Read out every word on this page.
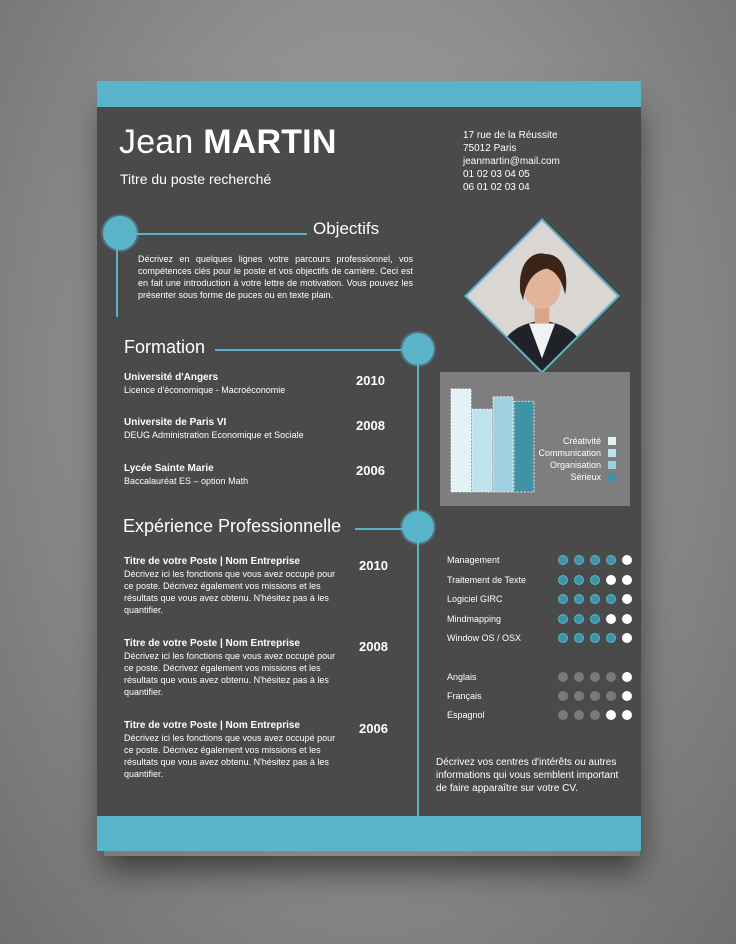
Jean MARTIN
Titre du poste recherché
17 rue de la Réussite
75012 Paris
jeanmartin@mail.com
01 02 03 04 05
06 01 02 03 04
Objectifs
Décrivez en quelques lignes votre parcours professionnel, vos compétences clés pour le poste et vos objectifs de carrière. Ceci est en fait une introduction à votre lettre de motivation. Vous pouvez les présenter sous forme de puces ou en texte plain.
Formation
Université d'Angers
Licence d'économique - Macroéconomie
2010
Universite de Paris VI
DEUG Administration Economique et Sociale
2008
Lycée Sainte Marie
Baccalauréat ES – option Math
2006
Expérience Professionnelle
Titre de votre Poste | Nom Entreprise
Décrivez ici les fonctions que vous avez occupé pour ce poste. Décrivez également vos missions et les résultats que vous avez obtenu. N'hésitez pas à les quantifier.
2010
Titre de votre Poste | Nom Entreprise
Décrivez ici les fonctions que vous avez occupé pour ce poste. Décrivez également vos missions et les résultats que vous avez obtenu. N'hésitez pas à les quantifier.
2008
Titre de votre Poste | Nom Entreprise
Décrivez ici les fonctions que vous avez occupé pour ce poste. Décrivez également vos missions et les résultats que vous avez obtenu. N'hésitez pas à les quantifier.
2006
Créativité
Communication
Organisation
Sérieux
Management
Traitement de Texte
Logiciel GIRC
Mindmapping
Window OS / OSX
Anglais
Français
Espagnol
Décrivez vos centres d'intérêts ou autres informations qui vous semblent important de faire apparaître sur votre CV.
